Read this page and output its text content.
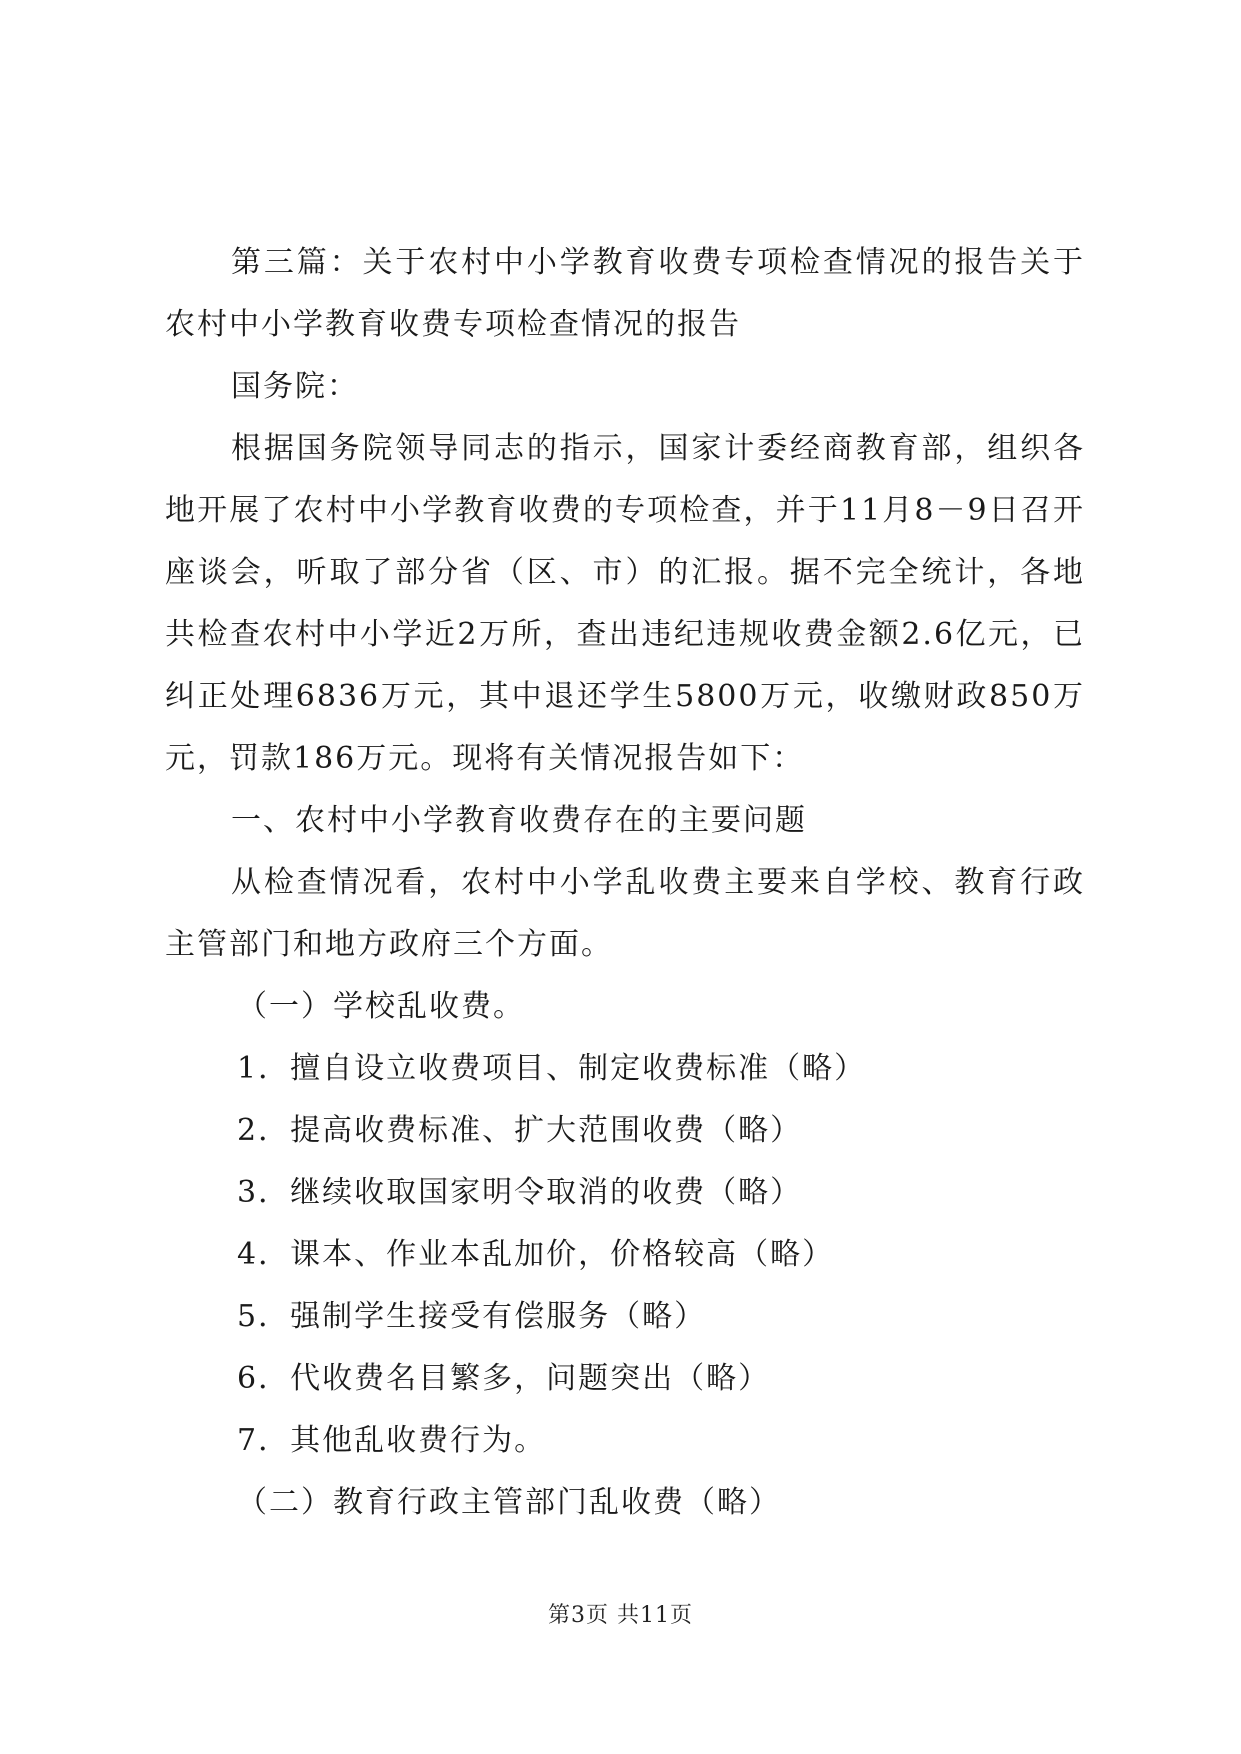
第三篇：关于农村中小学教育收费专项检查情况的报告关于农村中小学教育收费专项检查情况的报告

国务院：

根据国务院领导同志的指示，国家计委经商教育部，组织各地开展了农村中小学教育收费的专项检查，并于11月8－9日召开座谈会，听取了部分省（区、市）的汇报。据不完全统计，各地共检查农村中小学近2万所，查出违纪违规收费金额2.6亿元，已纠正处理6836万元，其中退还学生5800万元，收缴财政850万元，罚款186万元。现将有关情况报告如下：

一、农村中小学教育收费存在的主要问题

从检查情况看，农村中小学乱收费主要来自学校、教育行政主管部门和地方政府三个方面。

（一）学校乱收费。

1．擅自设立收费项目、制定收费标准（略）

2．提高收费标准、扩大范围收费（略）

3．继续收取国家明令取消的收费（略）

4．课本、作业本乱加价，价格较高（略）

5．强制学生接受有偿服务（略）

6．代收费名目繁多，问题突出（略）

7．其他乱收费行为。

（二）教育行政主管部门乱收费（略）

第3页 共11页
